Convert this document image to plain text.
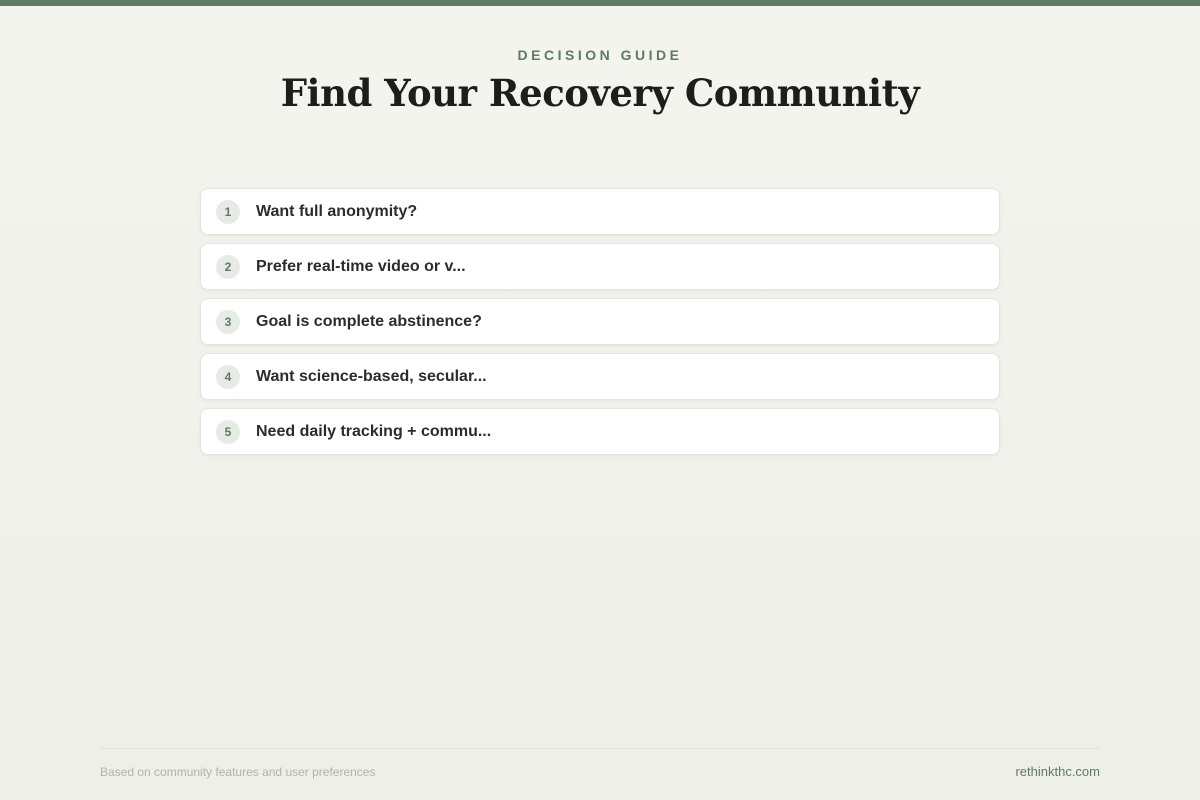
DECISION GUIDE
Find Your Recovery Community
1	Want full anonymity?
2	Prefer real-time video or v...
3	Goal is complete abstinence?
4	Want science-based, secular...
5	Need daily tracking + commu...
Based on community features and user preferences	rethinkthc.com
